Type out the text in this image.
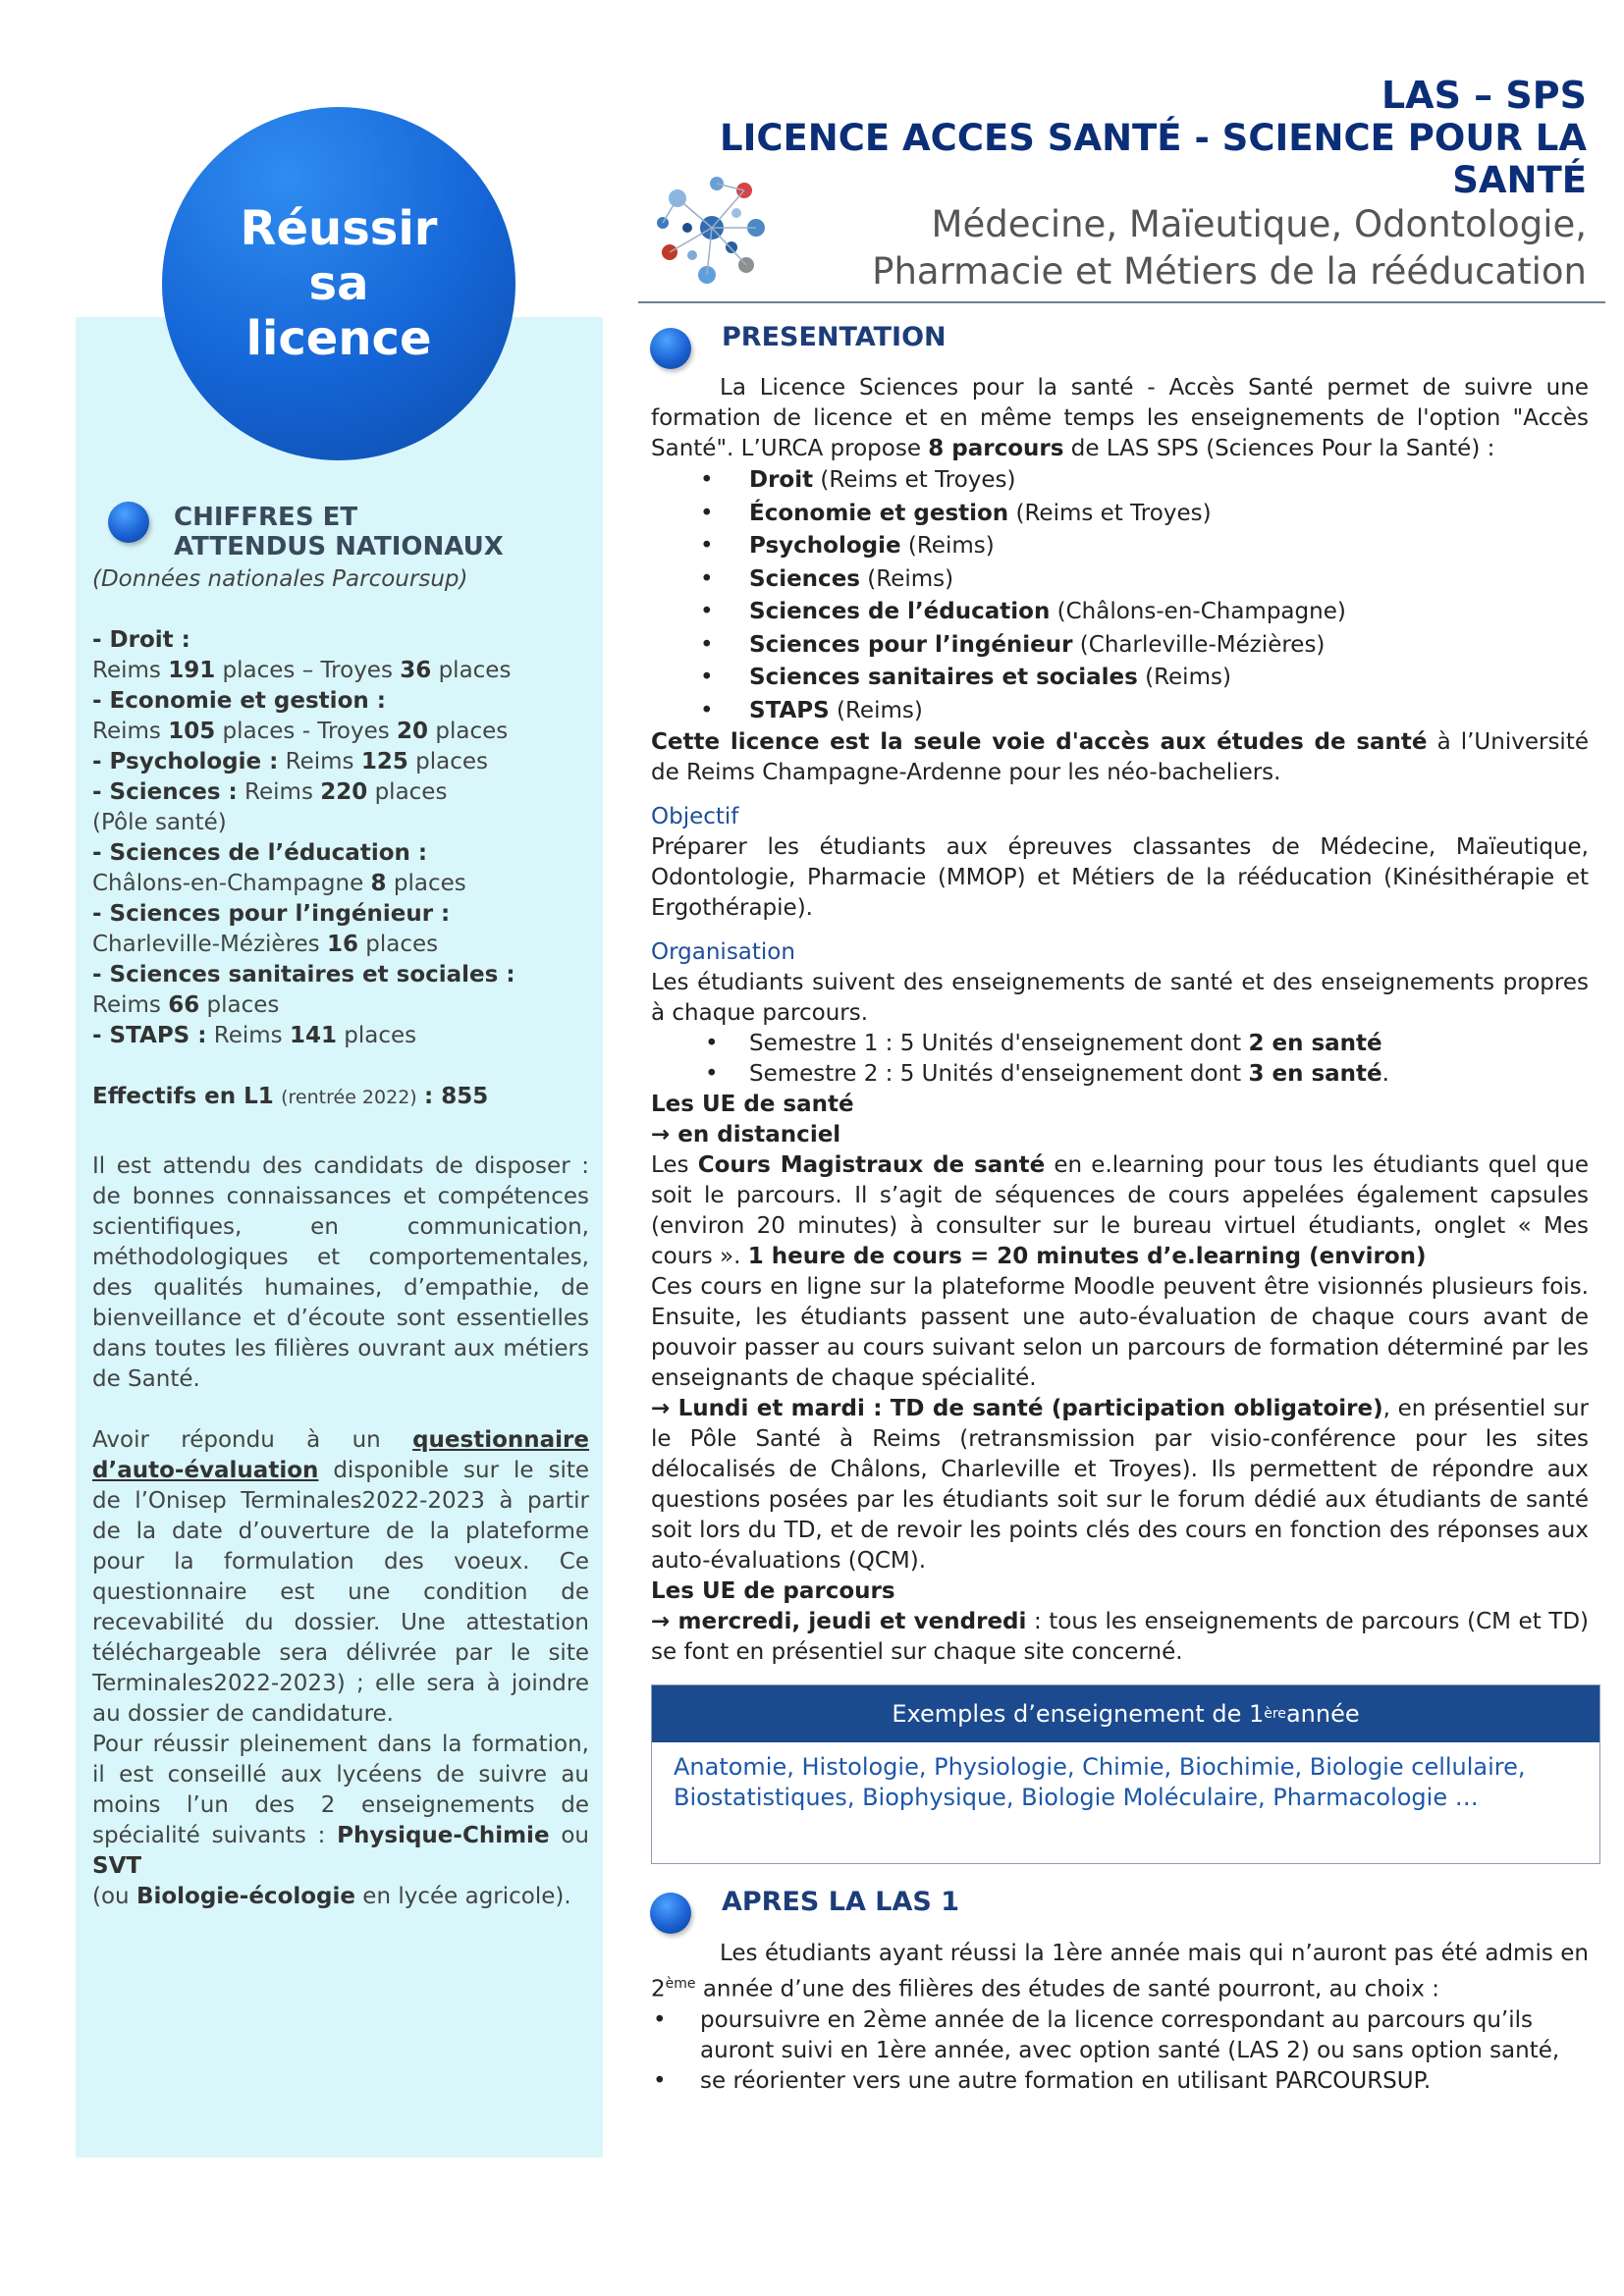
Réussir
sa
licence
CHIFFRES ET
ATTENDUS NATIONAUX
(Données nationales Parcoursup)
- Droit :
Reims 191 places – Troyes 36 places
- Economie et gestion :
Reims 105 places - Troyes 20 places
- Psychologie : Reims 125 places
- Sciences : Reims 220 places
(Pôle santé)
- Sciences de l’éducation :
Châlons-en-Champagne 8 places
- Sciences pour l’ingénieur :
Charleville-Mézières 16 places
- Sciences sanitaires et sociales :
Reims 66 places
- STAPS : Reims 141 places
Effectifs en L1 (rentrée 2022) : 855
Il est attendu des candidats de disposer : de bonnes connaissances et compétences scientifiques, en communication, méthodologiques et comportementales, des qualités humaines, d’empathie, de bienveillance et d’écoute sont essentielles dans toutes les filières ouvrant aux métiers de Santé.
Avoir répondu à un questionnaire d’auto-évaluation disponible sur le site de l’Onisep Terminales2022-2023 à partir de la date d’ouverture de la plateforme pour la formulation des voeux. Ce questionnaire est une condition de recevabilité du dossier. Une attestation téléchargeable sera délivrée par le site Terminales2022-2023) ; elle sera à joindre au dossier de candidature.
Pour réussir pleinement dans la formation, il est conseillé aux lycéens de suivre au moins l’un des 2 enseignements de spécialité suivants : Physique-Chimie ou SVT
(ou Biologie-écologie en lycée agricole).
LAS – SPS
LICENCE ACCES SANTÉ - SCIENCE POUR LA
SANTÉ
Médecine, Maïeutique, Odontologie,
Pharmacie et Métiers de la rééducation
PRESENTATION

La Licence Sciences pour la santé - Accès Santé permet de suivre une formation de licence et en même temps les enseignements de l'option "Accès Santé". L’URCA propose 8 parcours de LAS SPS (Sciences Pour la Santé) :

• Droit (Reims et Troyes)
• Économie et gestion (Reims et Troyes)
• Psychologie (Reims)
• Sciences (Reims)
• Sciences de l’éducation (Châlons-en-Champagne)
• Sciences pour l’ingénieur (Charleville-Mézières)
• Sciences sanitaires et sociales (Reims)
• STAPS (Reims)

Cette licence est la seule voie d'accès aux études de santé à l’Université de Reims Champagne-Ardenne pour les néo-bacheliers.

Objectif

Préparer les étudiants aux épreuves classantes de Médecine, Maïeutique, Odontologie, Pharmacie (MMOP) et Métiers de la rééducation (Kinésithérapie et Ergothérapie).

Organisation

Les étudiants suivent des enseignements de santé et des enseignements propres à chaque parcours.

• Semestre 1 : 5 Unités d'enseignement dont 2 en santé
• Semestre 2 : 5 Unités d'enseignement dont 3 en santé.

Les UE de santé

→ en distanciel

Les Cours Magistraux de santé en e.learning pour tous les étudiants quel que soit le parcours. Il s’agit de séquences de cours appelées également capsules (environ 20 minutes) à consulter sur le bureau virtuel étudiants, onglet « Mes cours ». 1 heure de cours = 20 minutes d’e.learning (environ)

Ces cours en ligne sur la plateforme Moodle peuvent être visionnés plusieurs fois. Ensuite, les étudiants passent une auto-évaluation de chaque cours avant de pouvoir passer au cours suivant selon un parcours de formation déterminé par les enseignants de chaque spécialité.

→ Lundi et mardi : TD de santé (participation obligatoire), en présentiel sur le Pôle Santé à Reims (retransmission par visio-conférence pour les sites délocalisés de Châlons, Charleville et Troyes). Ils permettent de répondre aux questions posées par les étudiants soit sur le forum dédié aux étudiants de santé soit lors du TD, et de revoir les points clés des cours en fonction des réponses aux auto-évaluations (QCM).

Les UE de parcours

→ mercredi, jeudi et vendredi : tous les enseignements de parcours (CM et TD) se font en présentiel sur chaque site concerné.

Exemples d’enseignement de 1 ère année
Anatomie, Histologie, Physiologie, Chimie, Biochimie, Biologie cellulaire, Biostatistiques, Biophysique, Biologie Moléculaire, Pharmacologie …
APRES LA LAS 1

Les étudiants ayant réussi la 1ère année mais qui n’auront pas été admis en 2ème année d’une des filières des études de santé pourront, au choix :

• poursuivre en 2ème année de la licence correspondant au parcours qu’ils auront suivi en 1ère année, avec option santé (LAS 2) ou sans option santé,
• se réorienter vers une autre formation en utilisant PARCOURSUP.
